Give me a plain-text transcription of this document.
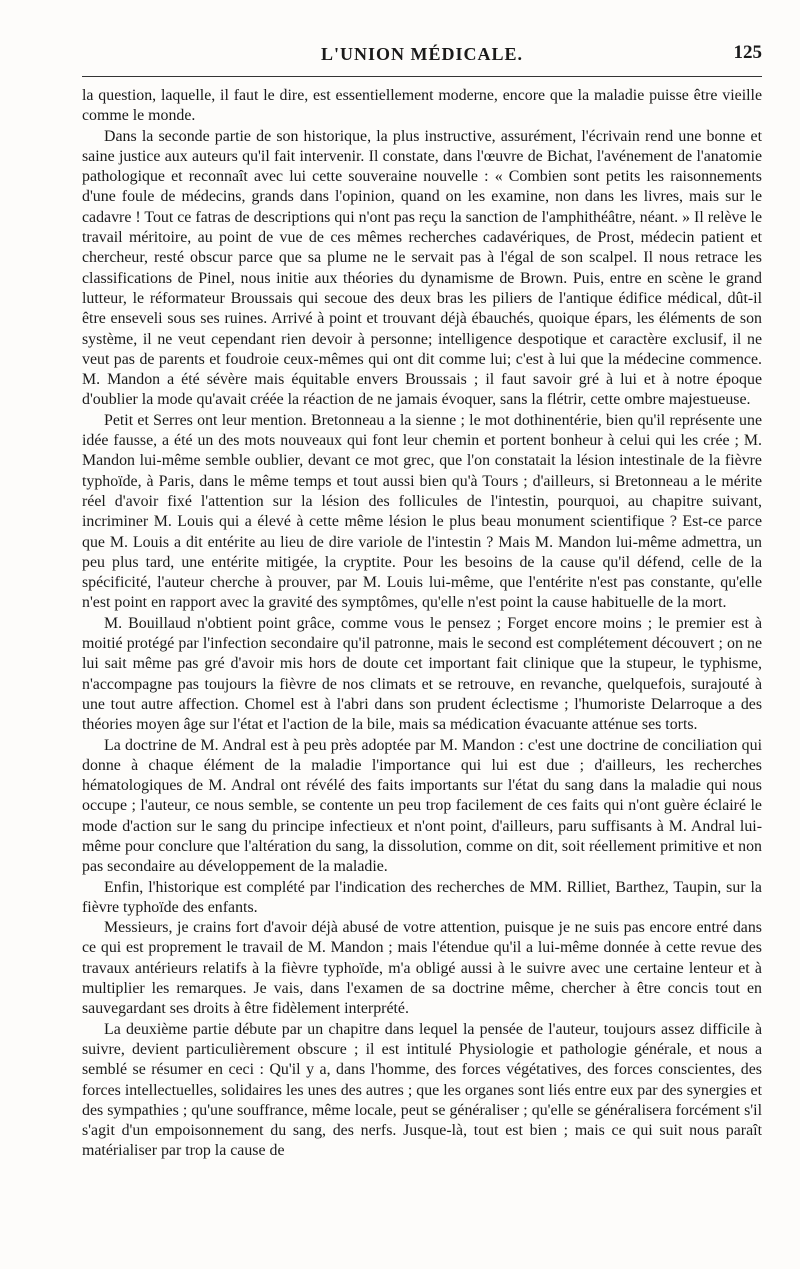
L'UNION MÉDICALE.	125

la question, laquelle, il faut le dire, est essentiellement moderne, encore que la maladie puisse être vieille comme le monde.

Dans la seconde partie de son historique, la plus instructive, assurément, l'écrivain rend une bonne et saine justice aux auteurs qu'il fait intervenir. Il constate, dans l'œuvre de Bichat, l'avénement de l'anatomie pathologique et reconnaît avec lui cette souveraine nouvelle : « Combien sont petits les raisonnements d'une foule de médecins, grands dans l'opinion, quand on les examine, non dans les livres, mais sur le cadavre ! Tout ce fatras de descriptions qui n'ont pas reçu la sanction de l'amphithéâtre, néant. » Il relève le travail méritoire, au point de vue de ces mêmes recherches cadavériques, de Prost, médecin patient et chercheur, resté obscur parce que sa plume ne le servait pas à l'égal de son scalpel. Il nous retrace les classifications de Pinel, nous initie aux théories du dynamisme de Brown. Puis, entre en scène le grand lutteur, le réformateur Broussais qui secoue des deux bras les piliers de l'antique édifice médical, dût-il être enseveli sous ses ruines. Arrivé à point et trouvant déjà ébauchés, quoique épars, les éléments de son système, il ne veut cependant rien devoir à personne; intelligence despotique et caractère exclusif, il ne veut pas de parents et foudroie ceux-mêmes qui ont dit comme lui; c'est à lui que la médecine commence. M. Mandon a été sévère mais équitable envers Broussais ; il faut savoir gré à lui et à notre époque d'oublier la mode qu'avait créée la réaction de ne jamais évoquer, sans la flétrir, cette ombre majestueuse.

Petit et Serres ont leur mention. Bretonneau a la sienne ; le mot dothinentérie, bien qu'il représente une idée fausse, a été un des mots nouveaux qui font leur chemin et portent bonheur à celui qui les crée ; M. Mandon lui-même semble oublier, devant ce mot grec, que l'on constatait la lésion intestinale de la fièvre typhoïde, à Paris, dans le même temps et tout aussi bien qu'à Tours ; d'ailleurs, si Bretonneau a le mérite réel d'avoir fixé l'attention sur la lésion des follicules de l'intestin, pourquoi, au chapitre suivant, incriminer M. Louis qui a élevé à cette même lésion le plus beau monument scientifique ? Est-ce parce que M. Louis a dit entérite au lieu de dire variole de l'intestin ? Mais M. Mandon lui-même admettra, un peu plus tard, une entérite mitigée, la cryptite. Pour les besoins de la cause qu'il défend, celle de la spécificité, l'auteur cherche à prouver, par M. Louis lui-même, que l'entérite n'est pas constante, qu'elle n'est point en rapport avec la gravité des symptômes, qu'elle n'est point la cause habituelle de la mort.

M. Bouillaud n'obtient point grâce, comme vous le pensez ; Forget encore moins ; le premier est à moitié protégé par l'infection secondaire qu'il patronne, mais le second est complétement découvert ; on ne lui sait même pas gré d'avoir mis hors de doute cet important fait clinique que la stupeur, le typhisme, n'accompagne pas toujours la fièvre de nos climats et se retrouve, en revanche, quelquefois, surajouté à une tout autre affection. Chomel est à l'abri dans son prudent éclectisme ; l'humoriste Delarroque a des théories moyen âge sur l'état et l'action de la bile, mais sa médication évacuante atténue ses torts.

La doctrine de M. Andral est à peu près adoptée par M. Mandon : c'est une doctrine de conciliation qui donne à chaque élément de la maladie l'importance qui lui est due ; d'ailleurs, les recherches hématologiques de M. Andral ont révélé des faits importants sur l'état du sang dans la maladie qui nous occupe ; l'auteur, ce nous semble, se contente un peu trop facilement de ces faits qui n'ont guère éclairé le mode d'action sur le sang du principe infectieux et n'ont point, d'ailleurs, paru suffisants à M. Andral lui-même pour conclure que l'altération du sang, la dissolution, comme on dit, soit réellement primitive et non pas secondaire au développement de la maladie.

Enfin, l'historique est complété par l'indication des recherches de MM. Rilliet, Barthez, Taupin, sur la fièvre typhoïde des enfants.

Messieurs, je crains fort d'avoir déjà abusé de votre attention, puisque je ne suis pas encore entré dans ce qui est proprement le travail de M. Mandon ; mais l'étendue qu'il a lui-même donnée à cette revue des travaux antérieurs relatifs à la fièvre typhoïde, m'a obligé aussi à le suivre avec une certaine lenteur et à multiplier les remarques. Je vais, dans l'examen de sa doctrine même, chercher à être concis tout en sauvegardant ses droits à être fidèlement interprété.

La deuxième partie débute par un chapitre dans lequel la pensée de l'auteur, toujours assez difficile à suivre, devient particulièrement obscure ; il est intitulé Physiologie et pathologie générale, et nous a semblé se résumer en ceci : Qu'il y a, dans l'homme, des forces végétatives, des forces conscientes, des forces intellectuelles, solidaires les unes des autres ; que les organes sont liés entre eux par des synergies et des sympathies ; qu'une souffrance, même locale, peut se généraliser ; qu'elle se généralisera forcément s'il s'agit d'un empoisonnement du sang, des nerfs. Jusque-là, tout est bien ; mais ce qui suit nous paraît matérialiser par trop la cause de
